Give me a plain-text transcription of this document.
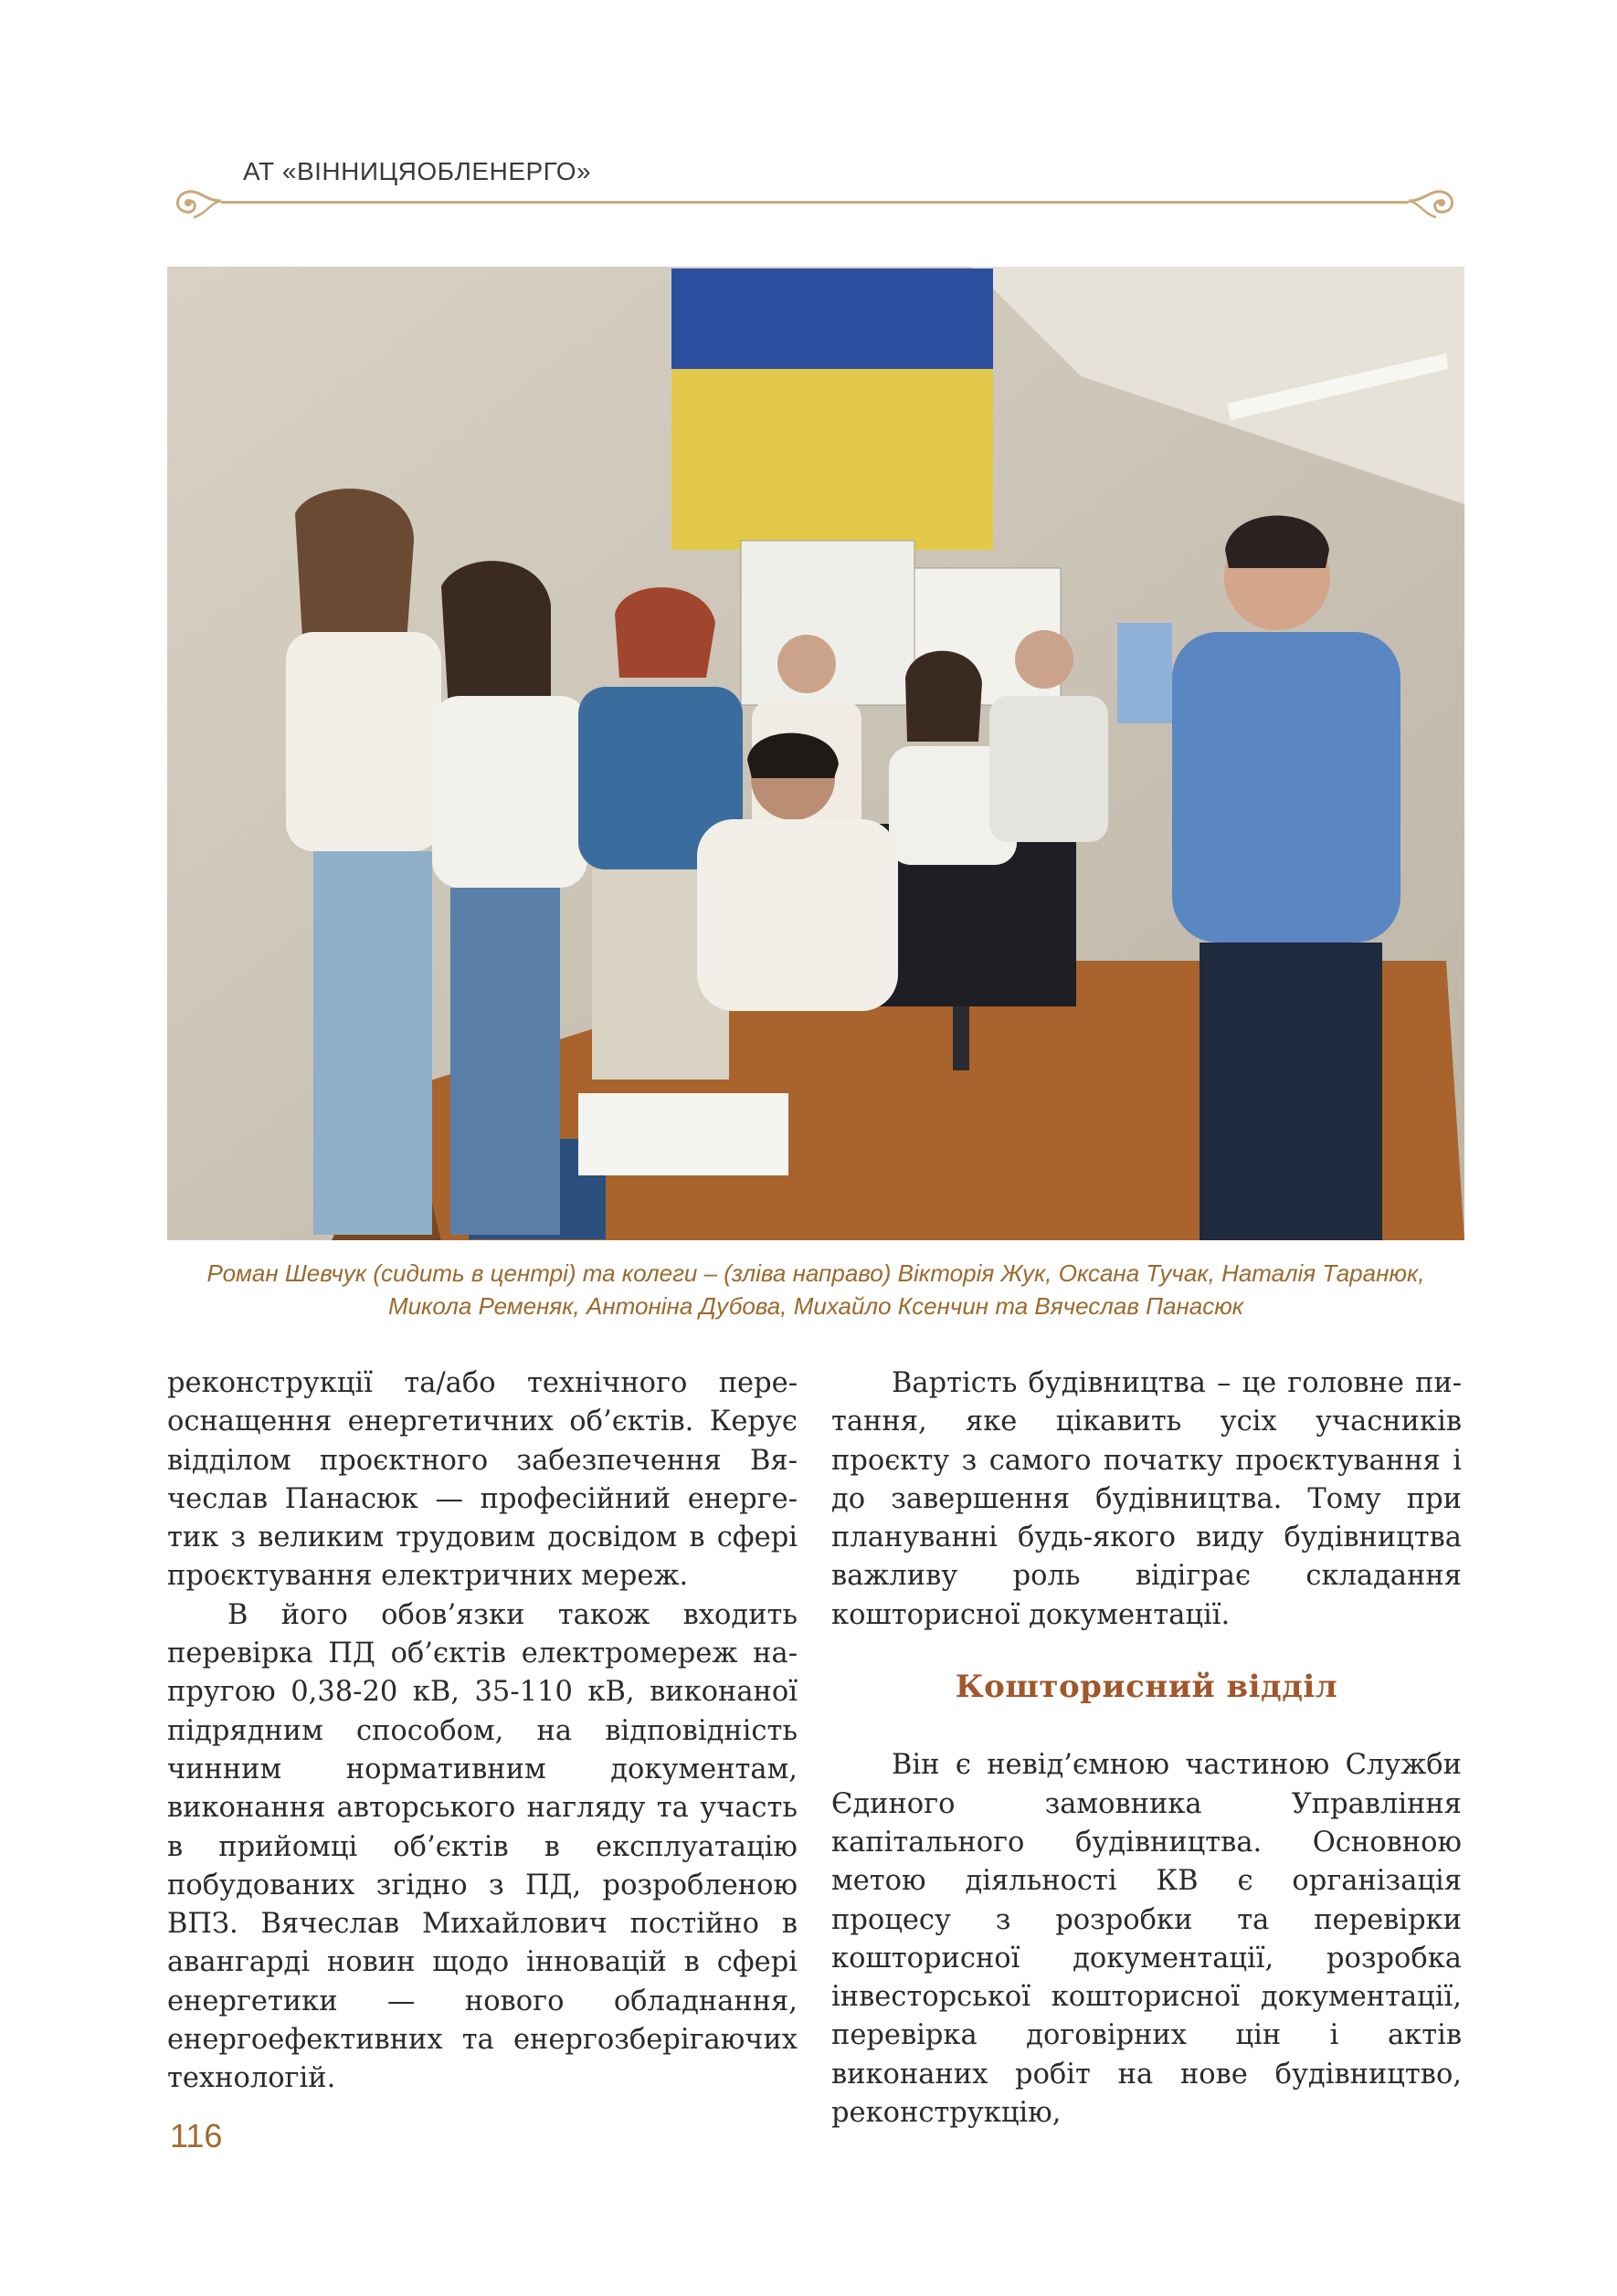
АТ «ВІННИЦЯОБЛЕНЕРГО»

Роман Шевчук (сидить в центрі) та колеги – (зліва направо) Вікторія Жук, Оксана Тучак, Наталія Таранюк,

Микола Ременяк, Антоніна Дубова, Михайло Ксенчин та Вячеслав Панасюк

реконструкції та/або технічного переоснащення енергетичних об’єктів. Керує відділом проєктного забезпечення Вячеслав Панасюк — професійний енергетик з великим трудовим досвідом в сфері проєктування електричних мереж.

В його обов’язки також входить перевірка ПД об’єктів електромереж напругою 0,38-20 кВ, 35-110 кВ, виконаної підрядним способом, на відповідність чинним нормативним документам, виконання авторського нагляду та участь в прийомці об’єктів в експлуатацію побудованих згідно з ПД, розробленою ВПЗ. Вячеслав Михайлович постійно в авангарді новин щодо інновацій в сфері енергетики — нового обладнання, енергоефективних та енергозберігаючих технологій.

Вартість будівництва – це головне питання, яке цікавить усіх учасників проєкту з самого початку проєктування і до завершення будівництва. Тому при плануванні будь-якого виду будівництва важливу роль відіграє складання кошторисної документації.

Кошторисний відділ

Він є невід’ємною частиною Служби Єдиного замовника Управління капітального будівництва. Основною метою діяльності КВ є організація процесу з розробки та перевірки кошторисної документації, розробка інвесторської кошторисної документації, перевірка договірних цін і актів виконаних робіт на нове будівництво, реконструкцію,

116
